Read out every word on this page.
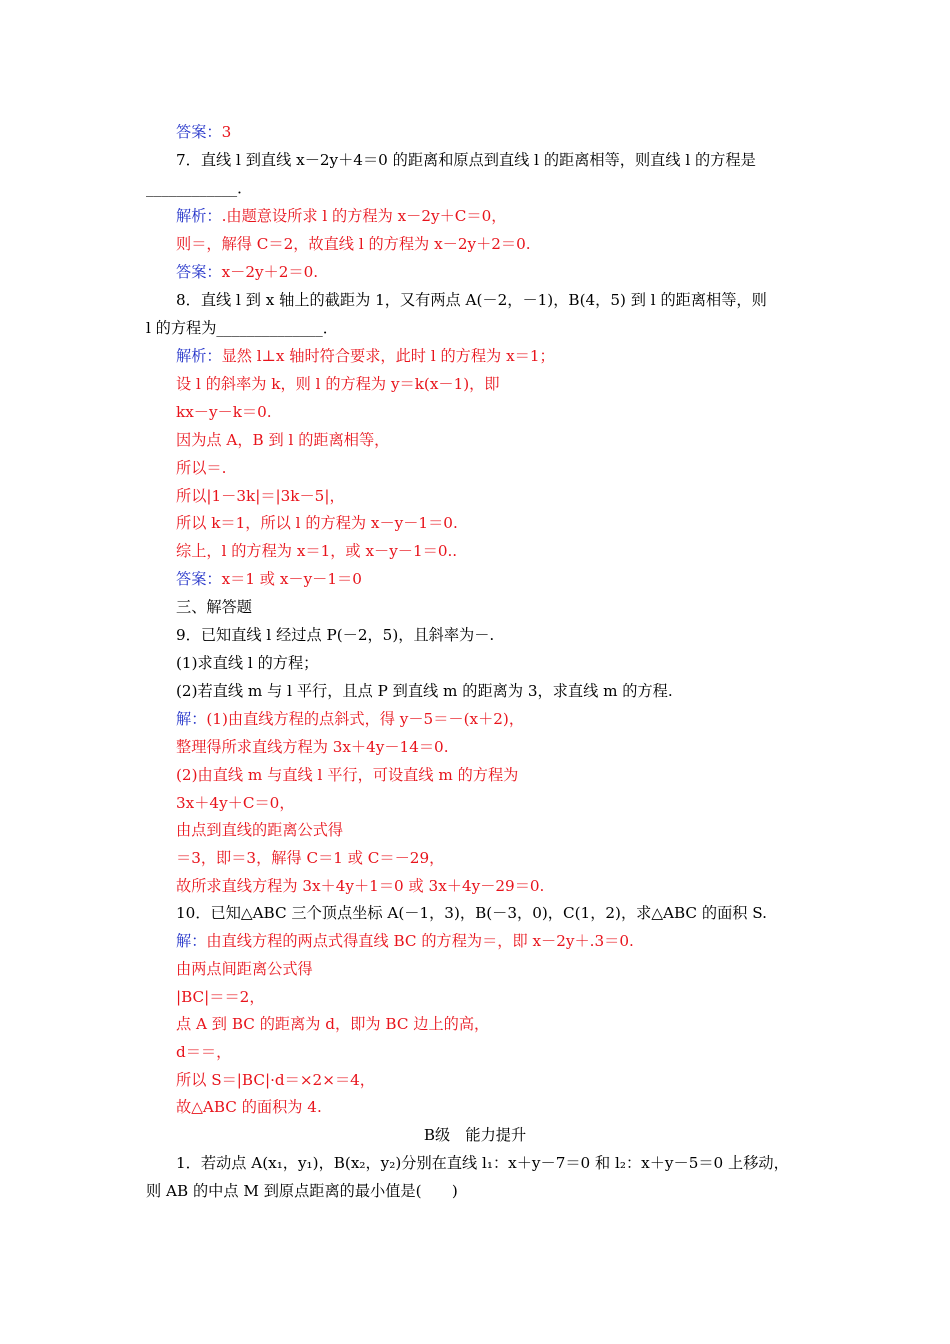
答案：3
7．直线 l 到直线 x－2y＋4＝0 的距离和原点到直线 l 的距离相等，则直线 l 的方程是
____________．
解析：.由题意设所求 l 的方程为 x－2y＋C＝0，
则＝，解得 C＝2，故直线 l 的方程为 x－2y＋2＝0.
答案：x－2y＋2＝0.
8．直线 l 到 x 轴上的截距为 1，又有两点 A(－2，－1)，B(4，5) 到 l 的距离相等，则
l 的方程为______________．
解析：显然 l⊥x 轴时符合要求，此时 l 的方程为 x＝1；
设 l 的斜率为 k，则 l 的方程为 y＝k(x－1)，即
kx－y－k＝0.
因为点 A，B 到 l 的距离相等，
所以＝.
所以|1－3k|＝|3k－5|，
所以 k＝1，所以 l 的方程为 x－y－1＝0.
综上，l 的方程为 x＝1，或 x－y－1＝0..
答案：x＝1 或 x－y－1＝0
三、解答题
9．已知直线 l 经过点 P(－2，5)，且斜率为－.
(1)求直线 l 的方程；
(2)若直线 m 与 l 平行，且点 P 到直线 m 的距离为 3，求直线 m 的方程.
解：(1)由直线方程的点斜式，得 y－5＝－(x＋2)，
整理得所求直线方程为 3x＋4y－14＝0.
(2)由直线 m 与直线 l 平行，可设直线 m 的方程为
3x＋4y＋C＝0，
由点到直线的距离公式得
＝3，即＝3，解得 C＝1 或 C＝－29，
故所求直线方程为 3x＋4y＋1＝0 或 3x＋4y－29＝0.
10．已知△ABC 三个顶点坐标 A(－1，3)，B(－3，0)，C(1，2)，求△ABC 的面积 S.
解：由直线方程的两点式得直线 BC 的方程为＝，即 x－2y＋.3＝0.
由两点间距离公式得
|BC|＝＝2，
点 A 到 BC 的距离为 d，即为 BC 边上的高，
d＝＝，
所以 S＝|BC|·d＝×2×＝4，
故△ABC 的面积为 4.
B级　能力提升
1．若动点 A(x₁，y₁)，B(x₂，y₂)分别在直线 l₁：x＋y－7＝0 和 l₂：x＋y－5＝0 上移动，
则 AB 的中点 M 到原点距离的最小值是(　　)
